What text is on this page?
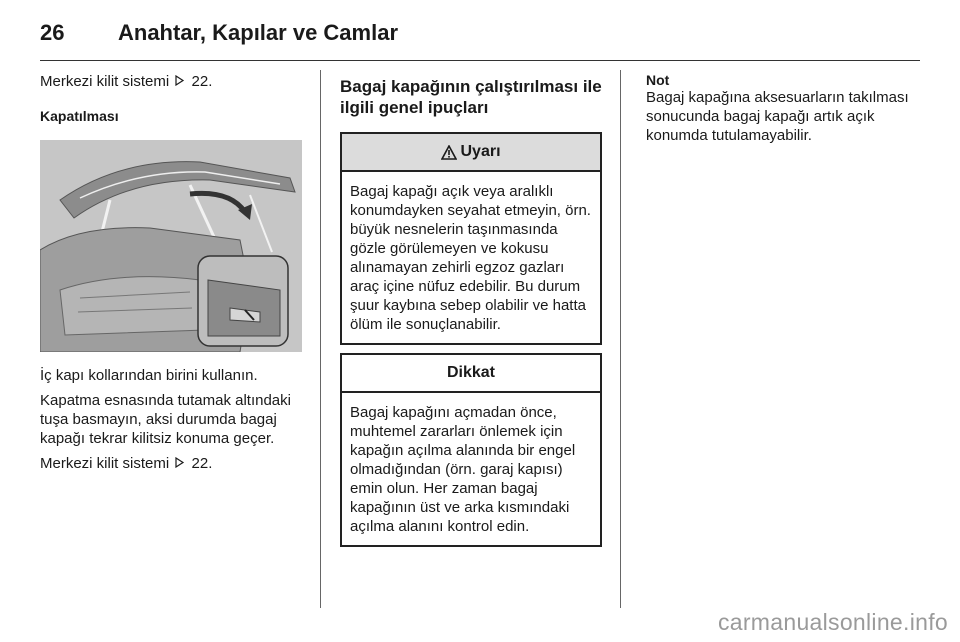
26 Anahtar, Kapılar ve Camlar

Merkezi kilit sistemi 22.

Kapatılması

İç kapı kollarından birini kullanın.

Kapatma esnasında tutamak altındaki tuşa basmayın, aksi durumda bagaj kapağı tekrar kilitsiz konuma geçer.

Merkezi kilit sistemi 22.

Bagaj kapağının çalıştırılması ile ilgili genel ipuçları
Uyarı
Bagaj kapağı açık veya aralıklı konumdayken seyahat etmeyin, örn. büyük nesnelerin taşınmasında gözle görülemeyen ve kokusu alınamayan zehirli egzoz gazları araç içine nüfuz edebilir. Bu durum şuur kaybına sebep olabilir ve hatta ölüm ile sonuçlanabilir.
Dikkat
Bagaj kapağını açmadan önce, muhtemel zararları önlemek için kapağın açılma alanında bir engel olmadığından (örn. garaj kapısı) emin olun. Her zaman bagaj kapağının üst ve arka kısmındaki açılma alanını kontrol edin.
Not

Bagaj kapağına aksesuarların takılması sonucunda bagaj kapağı artık açık konumda tutulamayabilir.

carmanualsonline.info
